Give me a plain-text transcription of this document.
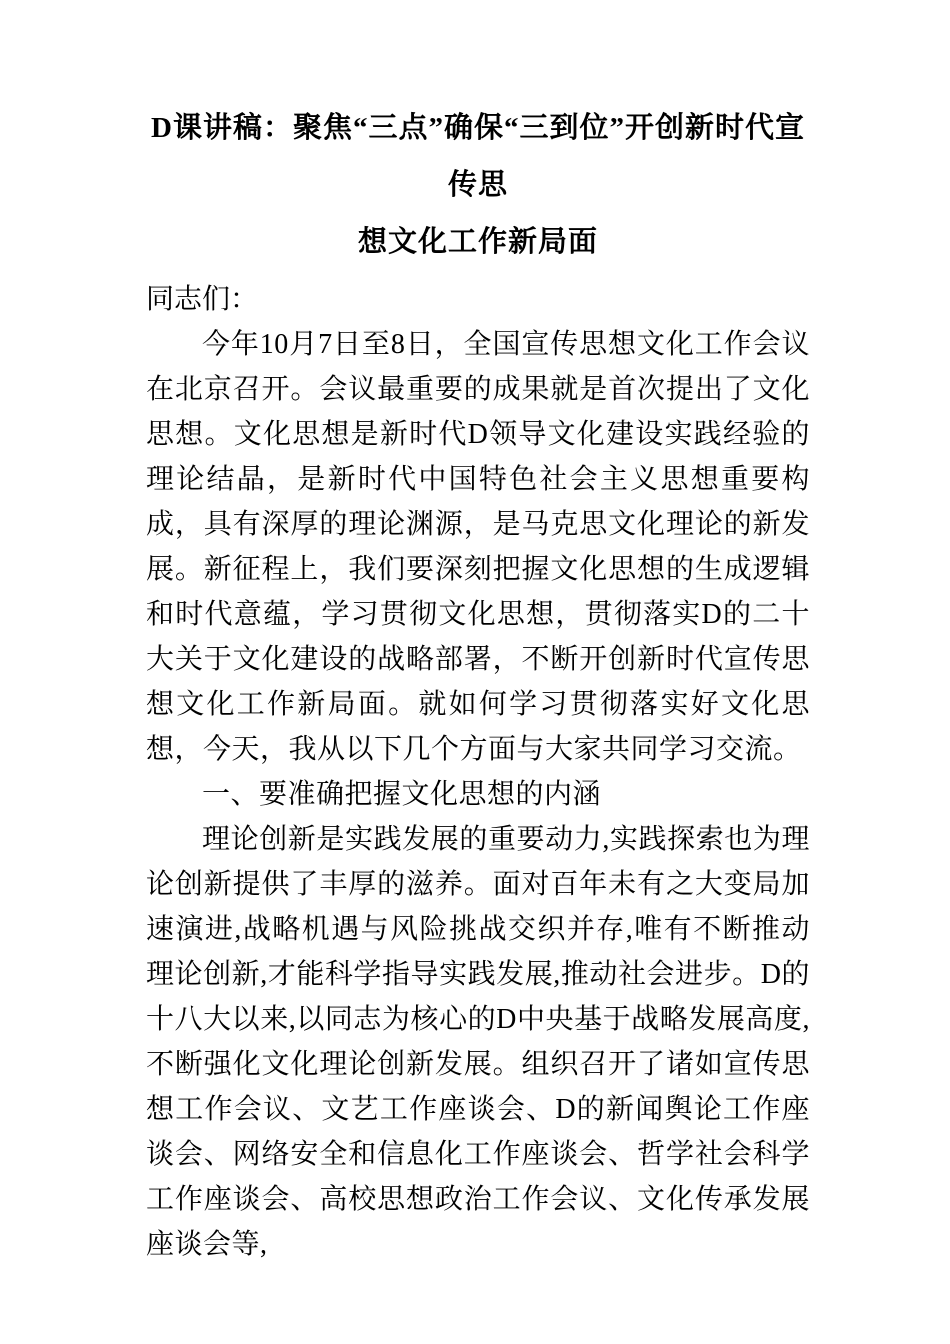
D课讲稿：聚焦“三点”确保“三到位”开创新时代宣传思
想文化工作新局面

同志们：

今年10月7日至8日，全国宣传思想文化工作会议在北京召开。会议最重要的成果就是首次提出了文化思想。文化思想是新时代D领导文化建设实践经验的理论结晶，是新时代中国特色社会主义思想重要构成，具有深厚的理论渊源，是马克思文化理论的新发展。新征程上，我们要深刻把握文化思想的生成逻辑和时代意蕴，学习贯彻文化思想，贯彻落实D的二十大关于文化建设的战略部署，不断开创新时代宣传思想文化工作新局面。就如何学习贯彻落实好文化思想，今天，我从以下几个方面与大家共同学习交流。

一、要准确把握文化思想的内涵

理论创新是实践发展的重要动力,实践探索也为理论创新提供了丰厚的滋养。面对百年未有之大变局加速演进,战略机遇与风险挑战交织并存,唯有不断推动理论创新,才能科学指导实践发展,推动社会进步。D的十八大以来,以同志为核心的D中央基于战略发展高度,不断强化文化理论创新发展。组织召开了诸如宣传思想工作会议、文艺工作座谈会、D的新闻舆论工作座谈会、网络安全和信息化工作座谈会、哲学社会科学工作座谈会、高校思想政治工作会议、文化传承发展座谈会等,
